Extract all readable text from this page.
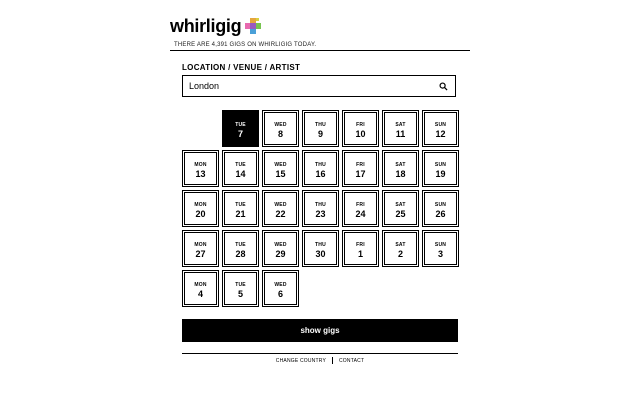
whirligig
THERE ARE 4,391 GIGS ON WHIRLIGIG TODAY.
LOCATION / VENUE / ARTIST
London
TUE
7
WED
8
THU
9
FRI
10
SAT
11
SUN
12
MON
13
TUE
14
WED
15
THU
16
FRI
17
SAT
18
SUN
19
MON
20
TUE
21
WED
22
THU
23
FRI
24
SAT
25
SUN
26
MON
27
TUE
28
WED
29
THU
30
FRI
1
SAT
2
SUN
3
MON
4
TUE
5
WED
6
show gigs
CHANGE COUNTRY	CONTACT
